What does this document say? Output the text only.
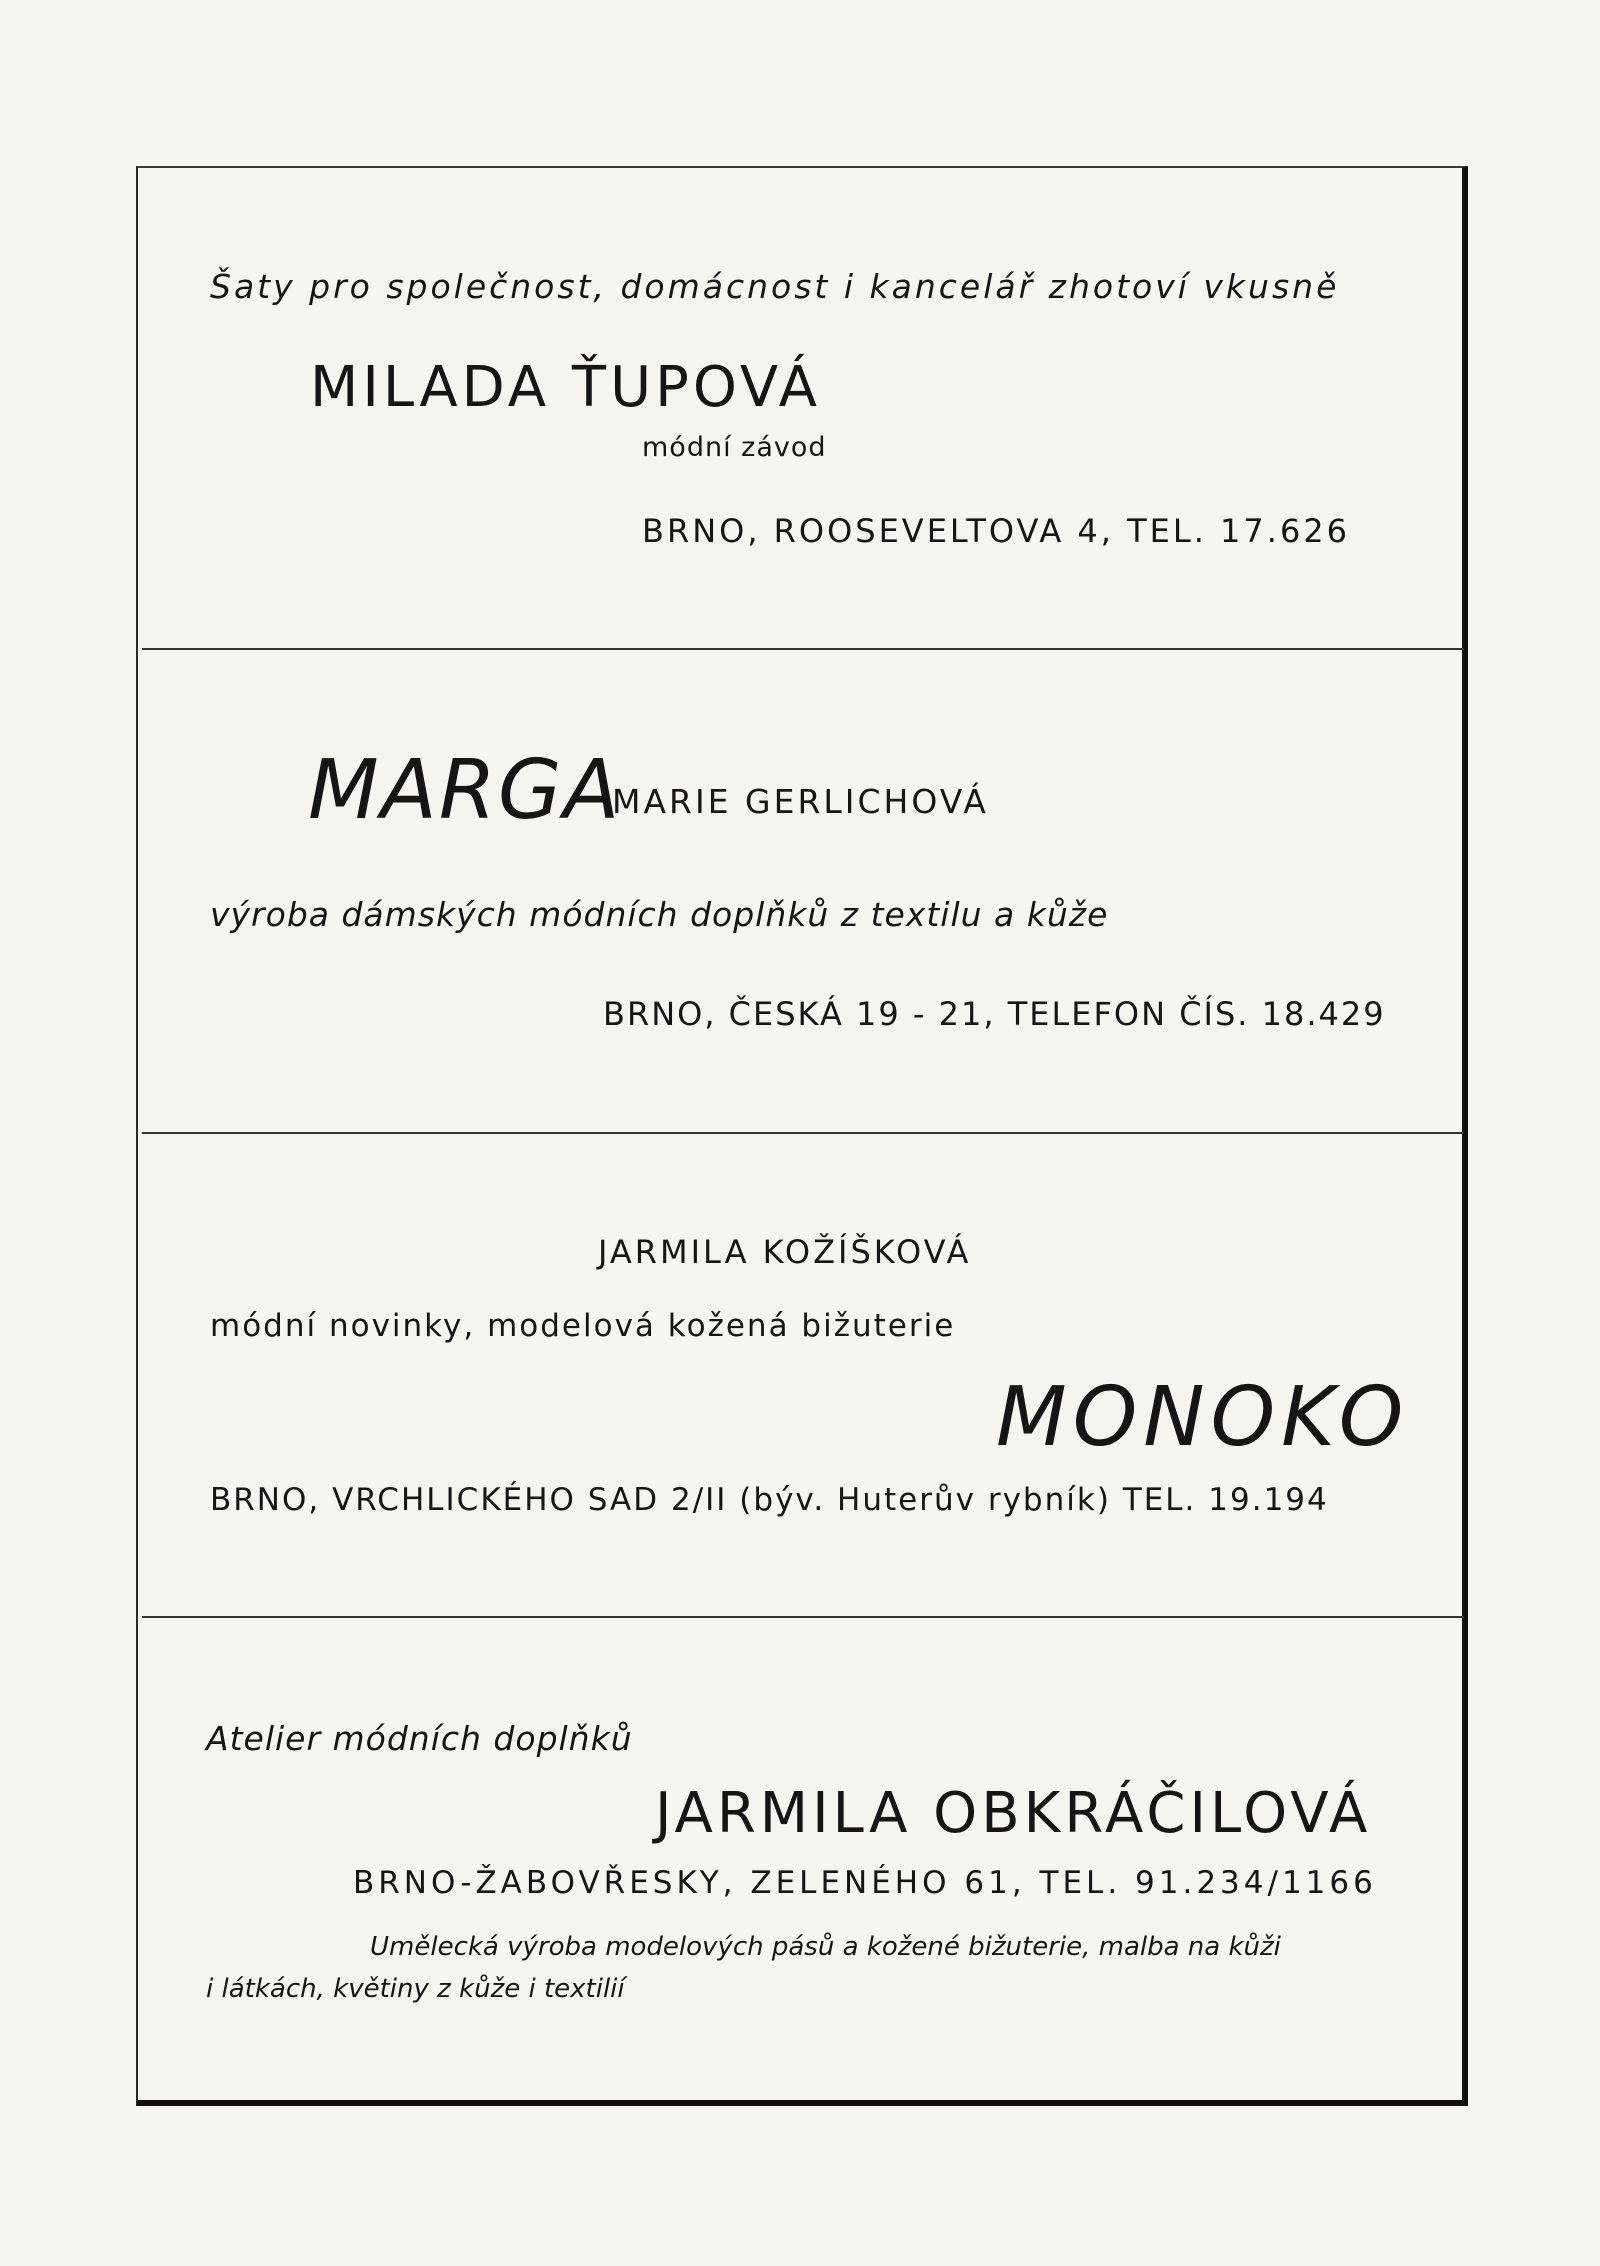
Šaty pro společnost, domácnost i kancelář zhotoví vkusně
MILADA ŤUPOVÁ
módní závod
BRNO, ROOSEVELTOVA 4, TEL. 17.626
MARGA
MARIE GERLICHOVÁ
výroba dámských módních doplňků z textilu a kůže
BRNO, ČESKÁ 19 - 21, TELEFON ČÍS. 18.429
JARMILA KOŽÍŠKOVÁ
módní novinky, modelová kožená bižuterie
MONOKO
BRNO, VRCHLICKÉHO SAD 2/II (býv. Huterův rybník) TEL. 19.194
Atelier módních doplňků
JARMILA OBKRÁČILOVÁ
BRNO-ŽABOVŘESKY, ZELENÉHO 61, TEL. 91.234/1166
Umělecká výroba modelových pásů a kožené bižuterie, malba na kůži
i látkách, květiny z kůže i textilií
